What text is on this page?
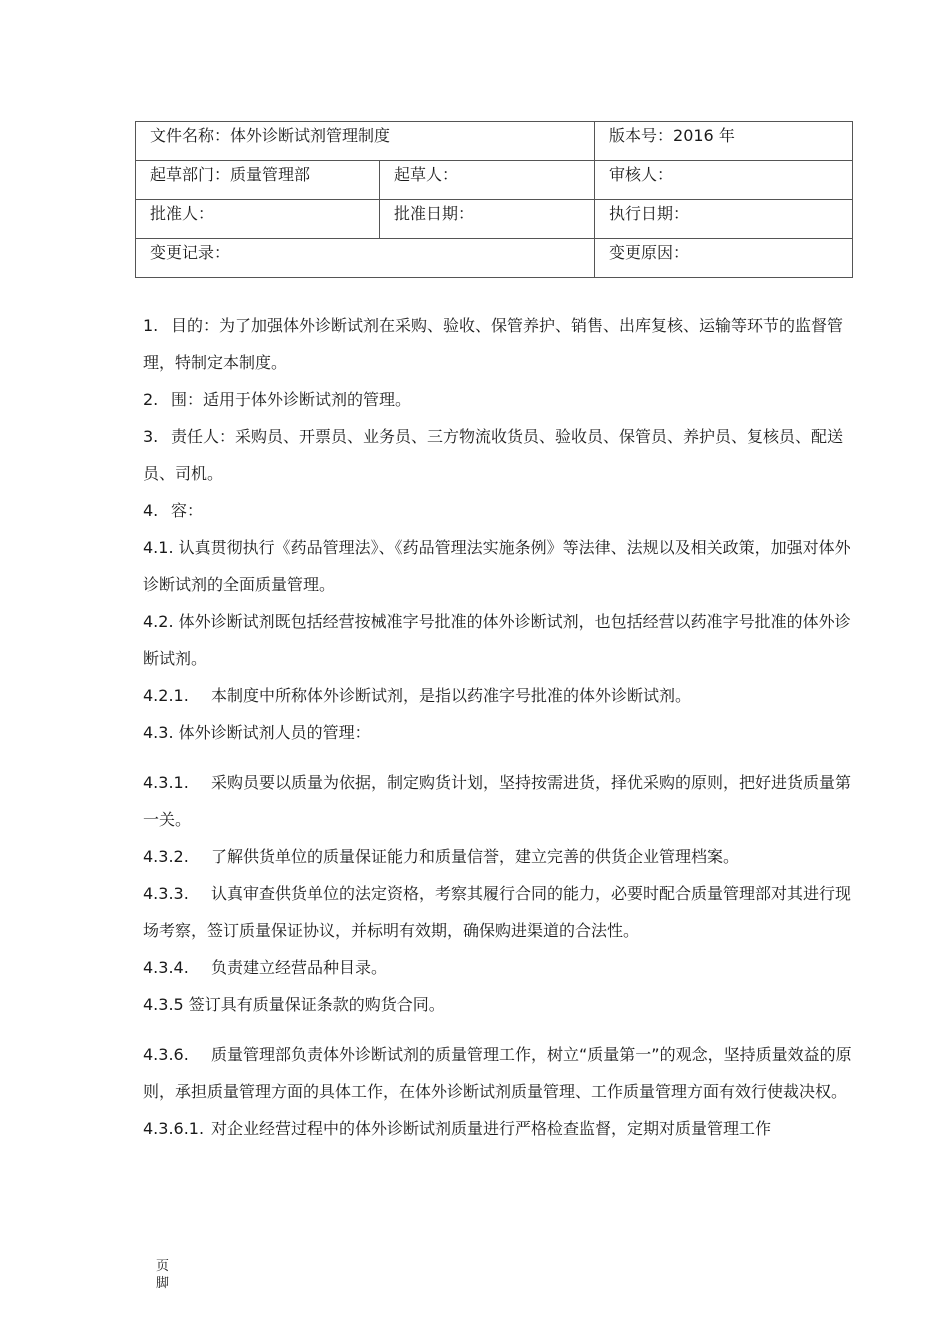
文件名称：体外诊断试剂管理制度		版本号：2016 年
起草部门：质量管理部	起草人：	审核人：
批准人：	批准日期：	执行日期：
变更记录：		变更原因：

1. 目的：为了加强体外诊断试剂在采购、验收、保管养护、销售、出库复核、运输等环节的监督管理，特制定本制度。

2. 围：适用于体外诊断试剂的管理。

3. 责任人：采购员、开票员、业务员、三方物流收货员、验收员、保管员、养护员、复核员、配送员、司机。

4. 容：

4.1. 认真贯彻执行《药品管理法》、《药品管理法实施条例》等法律、法规以及相关政策，加强对体外诊断试剂的全面质量管理。

4.2. 体外诊断试剂既包括经营按械准字号批准的体外诊断试剂，也包括经营以药准字号批准的体外诊断试剂。

4.2.1. 本制度中所称体外诊断试剂，是指以药准字号批准的体外诊断试剂。

4.3. 体外诊断试剂人员的管理：

4.3.1. 采购员要以质量为依据，制定购货计划，坚持按需进货，择优采购的原则，把好进货质量第一关。

4.3.2. 了解供货单位的质量保证能力和质量信誉，建立完善的供货企业管理档案。

4.3.3. 认真审查供货单位的法定资格，考察其履行合同的能力，必要时配合质量管理部对其进行现场考察，签订质量保证协议，并标明有效期，确保购进渠道的合法性。

4.3.4. 负责建立经营品种目录。

4.3.5 签订具有质量保证条款的购货合同。

4.3.6. 质量管理部负责体外诊断试剂的质量管理工作，树立“质量第一”的观念，坚持质量效益的原则，承担质量管理方面的具体工作，在体外诊断试剂质量管理、工作质量管理方面有效行使裁决权。

4.3.6.1. 对企业经营过程中的体外诊断试剂质量进行严格检查监督，定期对质量管理工作

页脚
